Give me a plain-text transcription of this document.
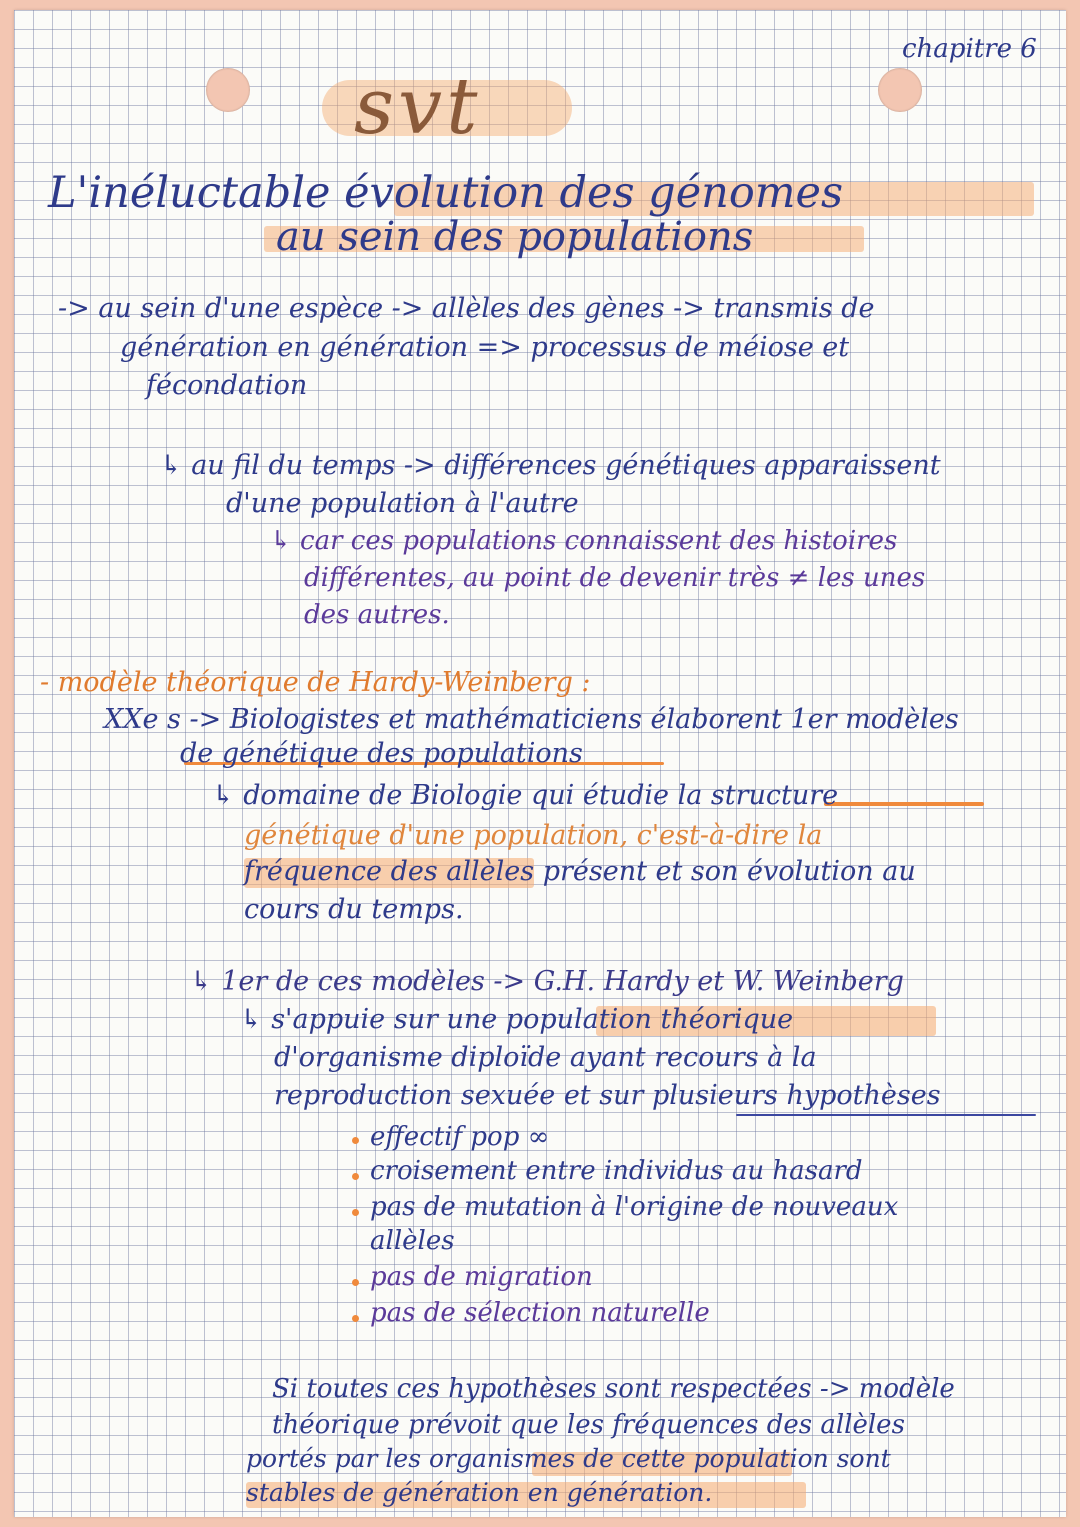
chapitre 6
svt
L'inéluctable évolution des génomes
au sein des populations
-> au sein d'une espèce -> allèles des gènes -> transmis de
génération en génération => processus de méiose et
fécondation
↳ au fil du temps -> différences génétiques apparaissent
d'une population à l'autre
↳ car ces populations connaissent des histoires
différentes, au point de devenir très ≠ les unes
des autres.
- modèle théorique de Hardy-Weinberg :
XXe s -> Biologistes et mathématiciens élaborent 1er modèles
de génétique des populations
↳ domaine de Biologie qui étudie la structure
génétique d'une population, c'est-à-dire la
fréquence des allèles présent et son évolution au
cours du temps.
↳ 1er de ces modèles -> G.H. Hardy et W. Weinberg
↳ s'appuie sur une population théorique
d'organisme diploïde ayant recours à la
reproduction sexuée et sur plusieurs hypothèses
effectif pop ∞
croisement entre individus au hasard
pas de mutation à l'origine de nouveaux
allèles
pas de migration
pas de sélection naturelle
Si toutes ces hypothèses sont respectées -> modèle
théorique prévoit que les fréquences des allèles
portés par les organismes de cette population sont
stables de génération en génération.
